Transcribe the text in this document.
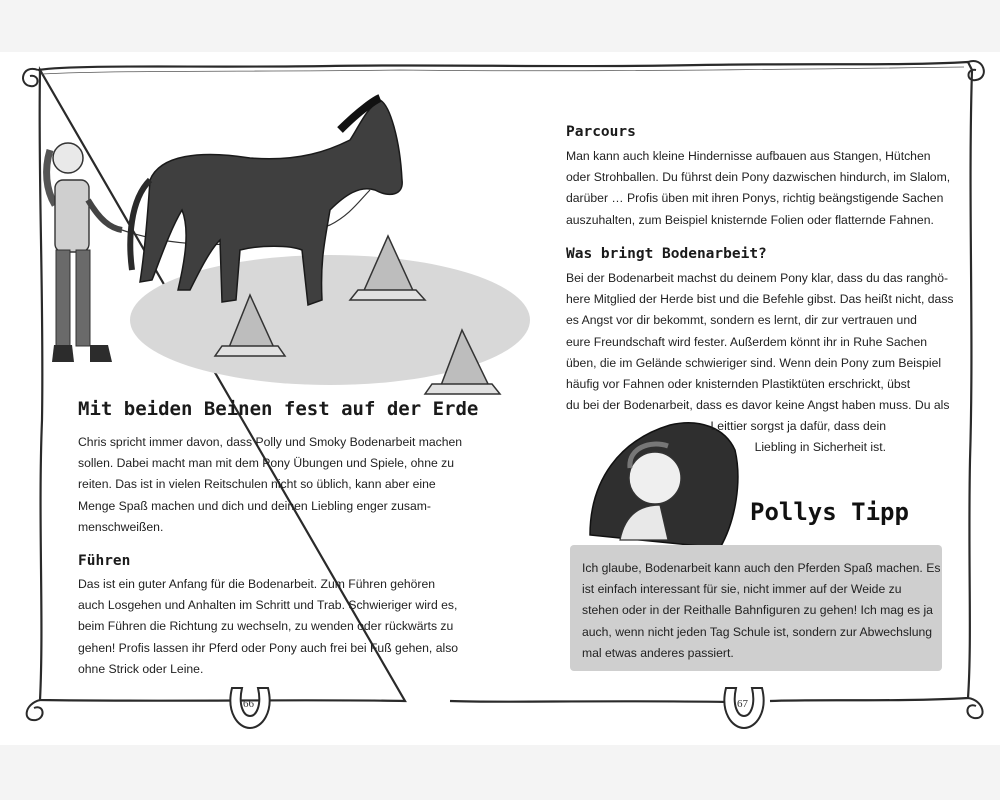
Mit beiden Beinen fest auf der Erde
Chris spricht immer davon, dass Polly und Smoky Bodenarbeit machen
sollen. Dabei macht man mit dem Pony Übungen und Spiele, ohne zu
reiten. Das ist in vielen Reitschulen nicht so üblich, kann aber eine
Menge Spaß machen und dich und deinen Liebling enger zusam-
menschweißen.
Führen
Das ist ein guter Anfang für die Bodenarbeit. Zum Führen gehören
auch Losgehen und Anhalten im Schritt und Trab. Schwieriger wird es,
beim Führen die Richtung zu wechseln, zu wenden oder rückwärts zu
gehen! Profis lassen ihr Pferd oder Pony auch frei bei Fuß gehen, also
ohne Strick oder Leine.
66
Parcours
Man kann auch kleine Hindernisse aufbauen aus Stangen, Hütchen
oder Strohballen. Du führst dein Pony dazwischen hindurch, im Slalom,
darüber … Profis üben mit ihren Ponys, richtig beängstigende Sachen
auszuhalten, zum Beispiel knisternde Folien oder flatternde Fahnen.
Was bringt Bodenarbeit?
Bei der Bodenarbeit machst du deinem Pony klar, dass du das ranghö-
here Mitglied der Herde bist und die Befehle gibst. Das heißt nicht, dass
es Angst vor dir bekommt, sondern es lernt, dir zur vertrauen und
eure Freundschaft wird fester. Außerdem könnt ihr in Ruhe Sachen
üben, die im Gelände schwieriger sind. Wenn dein Pony zum Beispiel
häufig vor Fahnen oder knisternden Plastiktüten erschrickt, übst
du bei der Bodenarbeit, dass es davor keine Angst haben muss. Du als
Leittier sorgst ja dafür, dass dein
Liebling in Sicherheit ist.
Pollys Tipp
Ich glaube, Bodenarbeit kann auch den Pferden Spaß machen. Es
ist einfach interessant für sie, nicht immer auf der Weide zu
stehen oder in der Reithalle Bahnfiguren zu gehen! Ich mag es ja
auch, wenn nicht jeden Tag Schule ist, sondern zur Abwechslung
mal etwas anderes passiert.
67
